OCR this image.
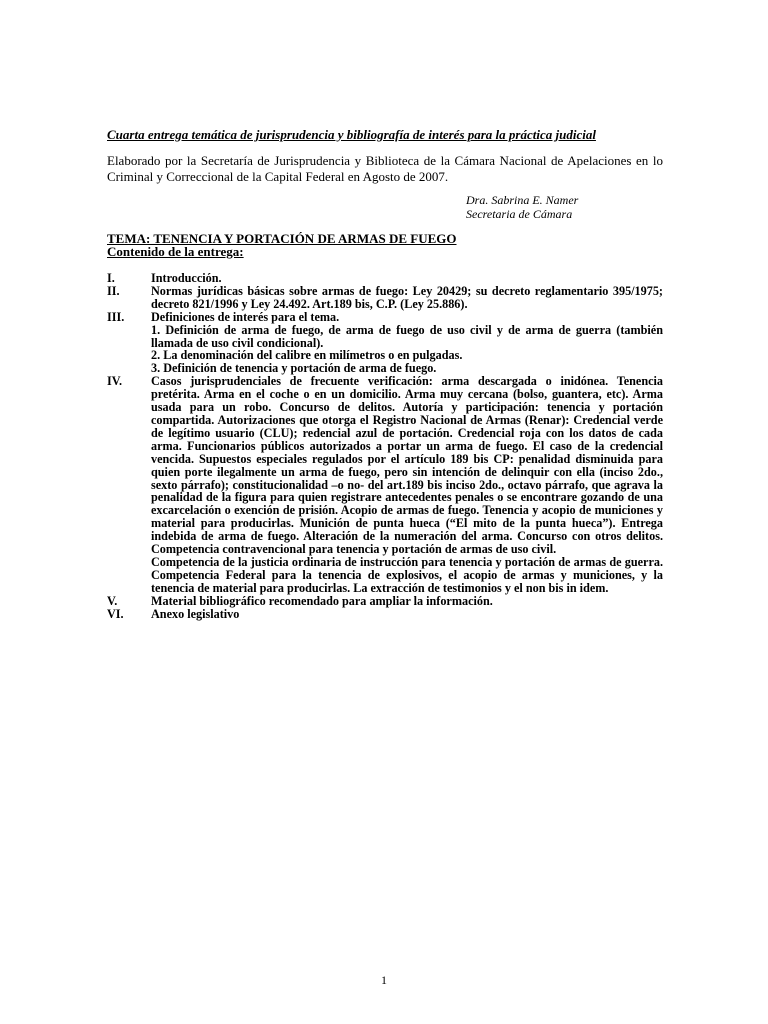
Cuarta entrega temática de jurisprudencia y bibliografía de interés para la práctica judicial
Elaborado por la Secretaría de Jurisprudencia y Biblioteca de la Cámara Nacional de Apelaciones en lo Criminal y Correccional de la Capital Federal en Agosto de 2007.
Dra. Sabrina E. Namer
Secretaria de Cámara
TEMA: TENENCIA Y PORTACIÓN DE ARMAS DE FUEGO
Contenido de la entrega:
I.	Introducción.
II.	Normas jurídicas básicas sobre armas de fuego: Ley 20429; su decreto reglamentario 395/1975; decreto 821/1996 y Ley 24.492. Art.189 bis, C.P. (Ley 25.886).
III.	Definiciones de interés para el tema.
1. Definición de arma de fuego, de arma de fuego de uso civil y de arma de guerra (también llamada de uso civil condicional).
2. La denominación del calibre en milímetros o en pulgadas.
3. Definición de tenencia y portación de arma de fuego.
IV.	Casos jurisprudenciales de frecuente verificación: arma descargada o inidónea. Tenencia pretérita. Arma en el coche o en un domicilio. Arma muy cercana (bolso, guantera, etc). Arma usada para un robo. Concurso de delitos. Autoría y participación: tenencia y portación compartida. Autorizaciones que otorga el Registro Nacional de Armas (Renar): Credencial verde de legítimo usuario (CLU); redencial azul de portación. Credencial roja con los datos de cada arma. Funcionarios públicos autorizados a portar un arma de fuego. El caso de la credencial vencida. Supuestos especiales regulados por el artículo 189 bis CP: penalidad disminuida para quien porte ilegalmente un arma de fuego, pero sin intención de delinquir con ella (inciso 2do., sexto párrafo); constitucionalidad –o no- del art.189 bis inciso 2do., octavo párrafo, que agrava la penalidad de la figura para quien registrare antecedentes penales o se encontrare gozando de una excarcelación o exención de prisión. Acopio de armas de fuego. Tenencia y acopio de municiones y material para producirlas. Munición de punta hueca (“El mito de la punta hueca”). Entrega indebida de arma de fuego. Alteración de la numeración del arma. Concurso con otros delitos. Competencia contravencional para tenencia y portación de armas de uso civil.
Competencia de la justicia ordinaria de instrucción para tenencia y portación de armas de guerra. Competencia Federal para la tenencia de explosivos, el acopio de armas y municiones, y la tenencia de material para producirlas. La extracción de testimonios y el non bis in idem.
V.	Material bibliográfico recomendado para ampliar la información.
VI.	Anexo legislativo
1
